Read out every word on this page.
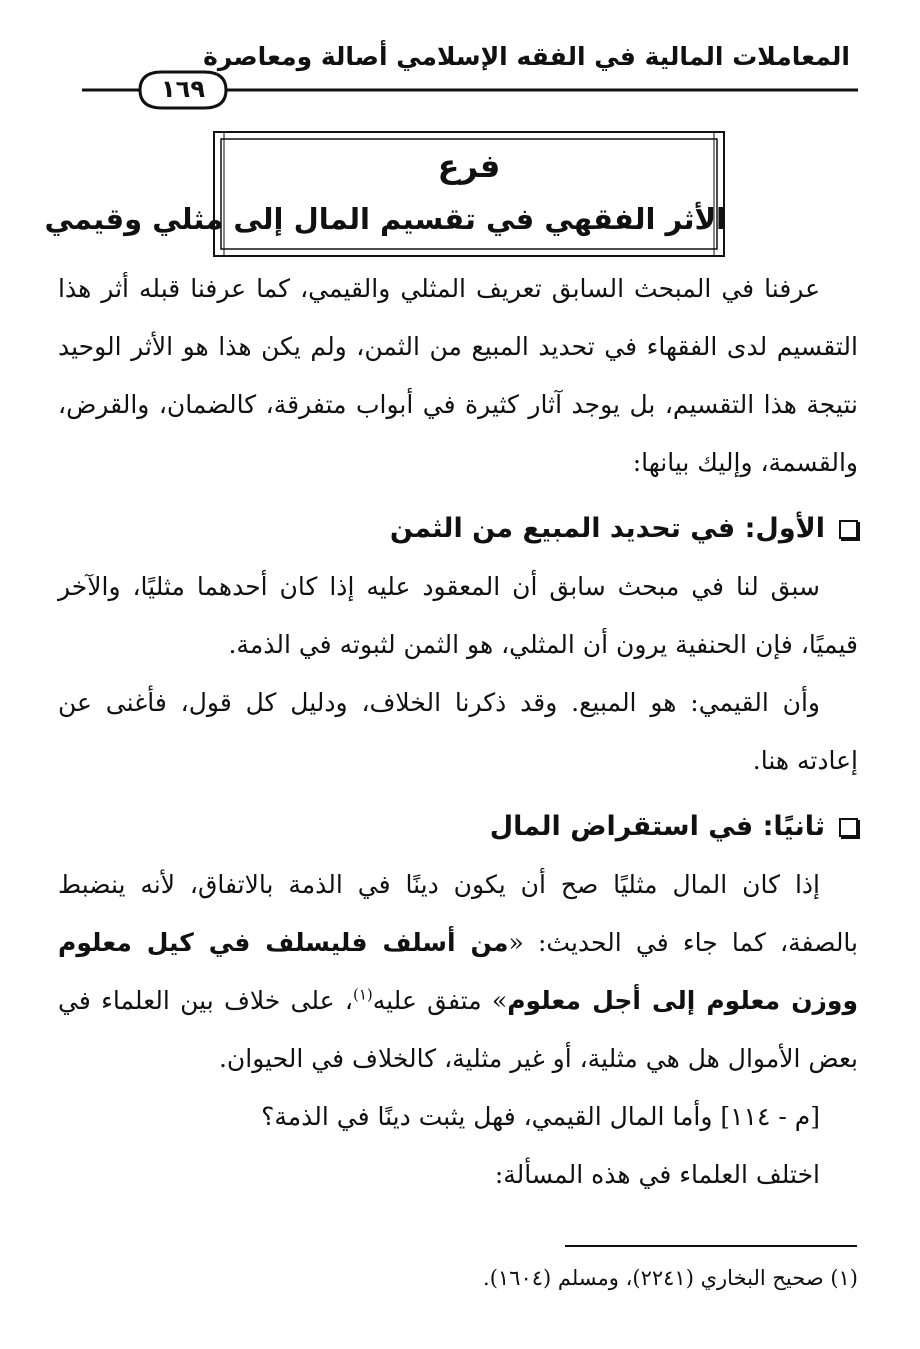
المعاملات المالية في الفقه الإسلامي أصالة ومعاصرة
١٦٩
فرع
الأثر الفقهي في تقسيم المال إلى مثلي وقيمي

عرفنا في المبحث السابق تعريف المثلي والقيمي، كما عرفنا قبله أثر هذا التقسيم لدى الفقهاء في تحديد المبيع من الثمن، ولم يكن هذا هو الأثر الوحيد نتيجة هذا التقسيم، بل يوجد آثار كثيرة في أبواب متفرقة، كالضمان، والقرض، والقسمة، وإليك بيانها:

الأول: في تحديد المبيع من الثمن

سبق لنا في مبحث سابق أن المعقود عليه إذا كان أحدهما مثليًا، والآخر قيميًا، فإن الحنفية يرون أن المثلي، هو الثمن لثبوته في الذمة.

وأن القيمي: هو المبيع. وقد ذكرنا الخلاف، ودليل كل قول، فأغنى عن إعادته هنا.

ثانيًا: في استقراض المال

إذا كان المال مثليًا صح أن يكون دينًا في الذمة بالاتفاق، لأنه ينضبط بالصفة، كما جاء في الحديث: «من أسلف فليسلف في كيل معلوم ووزن معلوم إلى أجل معلوم» متفق عليه$^{(١)}$، على خلاف بين العلماء في بعض الأموال هل هي مثلية، أو غير مثلية، كالخلاف في الحيوان.

[م - ١١٤] وأما المال القيمي، فهل يثبت دينًا في الذمة؟

اختلف العلماء في هذه المسألة:

(١) صحيح البخاري (٢٢٤١)، ومسلم (١٦٠٤).
